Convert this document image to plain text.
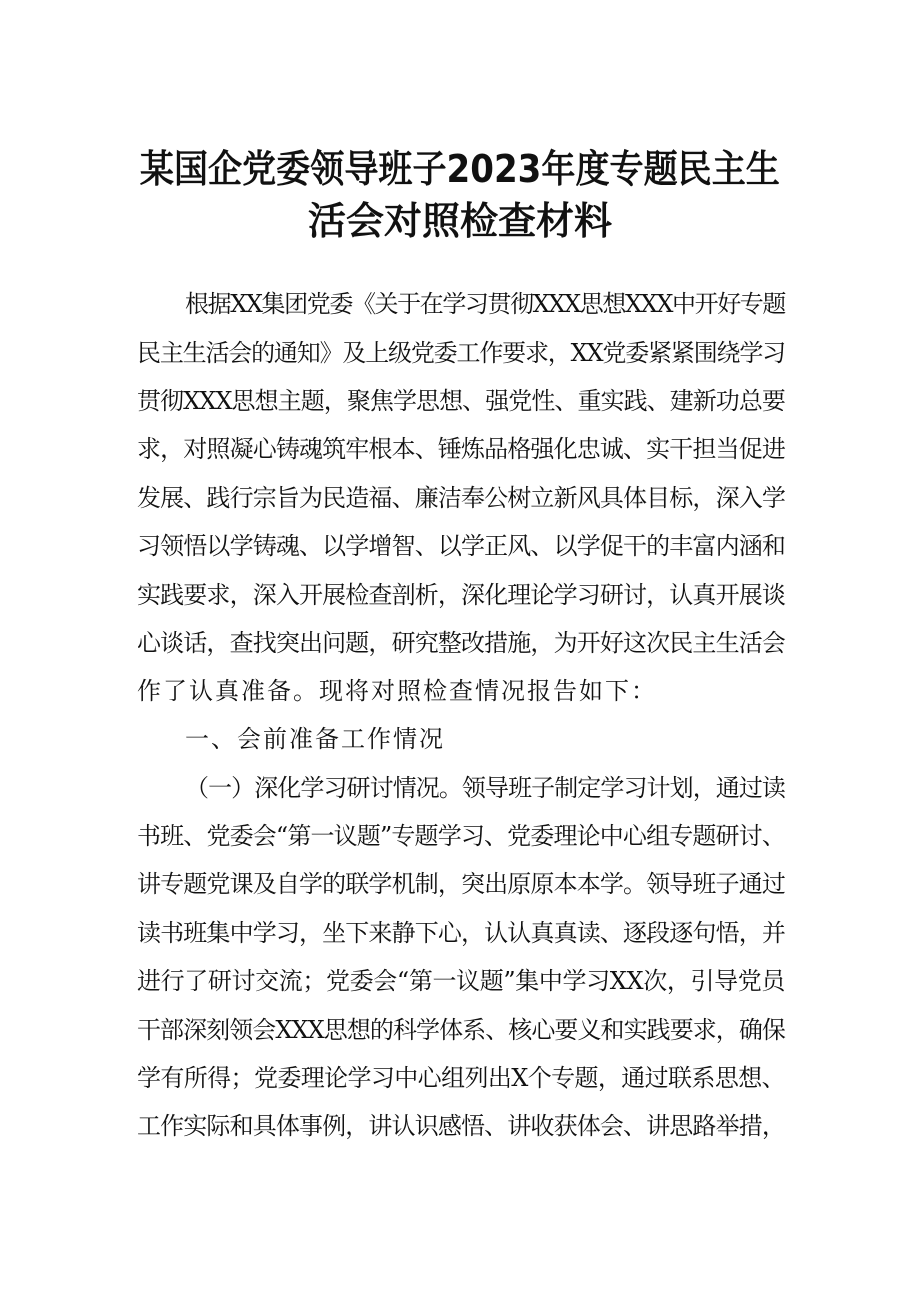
某国企党委领导班子2023年度专题民主生
活会对照检查材料
根据XX集团党委《关于在学习贯彻XXX思想XXX中开好专题
民主生活会的通知》及上级党委工作要求，XX党委紧紧围绕学习
贯彻XXX思想主题，聚焦学思想、强党性、重实践、建新功总要
求，对照凝心铸魂筑牢根本、锤炼品格强化忠诚、实干担当促进
发展、践行宗旨为民造福、廉洁奉公树立新风具体目标，深入学
习领悟以学铸魂、以学增智、以学正风、以学促干的丰富内涵和
实践要求，深入开展检查剖析，深化理论学习研讨，认真开展谈
心谈话，查找突出问题，研究整改措施，为开好这次民主生活会
作了认真准备。现将对照检查情况报告如下：
一、会前准备工作情况
（一）深化学习研讨情况。领导班子制定学习计划，通过读
书班、党委会“第一议题”专题学习、党委理论中心组专题研讨、
讲专题党课及自学的联学机制，突出原原本本学。领导班子通过
读书班集中学习，坐下来静下心，认认真真读、逐段逐句悟，并
进行了研讨交流；党委会“第一议题”集中学习XX次，引导党员
干部深刻领会XXX思想的科学体系、核心要义和实践要求，确保
学有所得；党委理论学习中心组列出X个专题，通过联系思想、
工作实际和具体事例，讲认识感悟、讲收获体会、讲思路举措，
